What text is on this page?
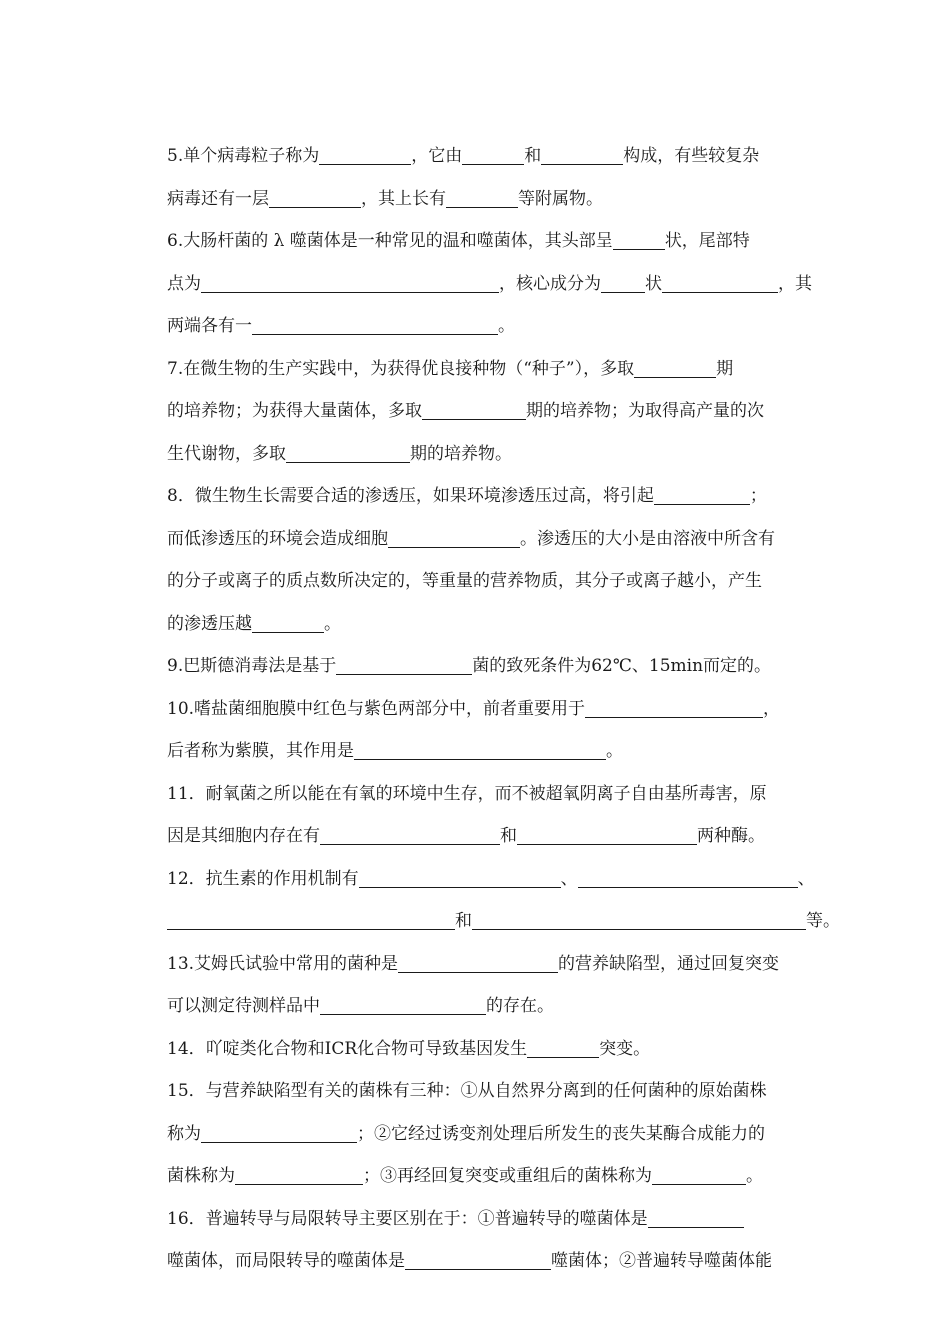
5.单个病毒粒子称为	，它由	和	构成，有些较复杂
病毒还有一层	，其上长有	等附属物。
6.大肠杆菌的 λ 噬菌体是一种常见的温和噬菌体，其头部呈	状，尾部特
点为	，核心成分为	状	，其
两端各有一	。
7.在微生物的生产实践中，为获得优良接种物（“种子”），多取	期
的培养物；为获得大量菌体，多取	期的培养物；为取得高产量的次
生代谢物，多取	期的培养物。
8．微生物生长需要合适的渗透压，如果环境渗透压过高，将引起	；
而低渗透压的环境会造成细胞	。渗透压的大小是由溶液中所含有
的分子或离子的质点数所决定的，等重量的营养物质，其分子或离子越小，产生
的渗透压越	。
9.巴斯德消毒法是基于	菌的致死条件为62℃、15min而定的。
10.嗜盐菌细胞膜中红色与紫色两部分中，前者重要用于	，
后者称为紫膜，其作用是	。
11．耐氧菌之所以能在有氧的环境中生存，而不被超氧阴离子自由基所毒害，原
因是其细胞内存在有	和	两种酶。
12．抗生素的作用机制有	、	、
和	等。
13.艾姆氏试验中常用的菌种是	的营养缺陷型，通过回复突变
可以测定待测样品中	的存在。
14．吖啶类化合物和ICR化合物可导致基因发生	突变。
15．与营养缺陷型有关的菌株有三种：①从自然界分离到的任何菌种的原始菌株
称为	；②它经过诱变剂处理后所发生的丧失某酶合成能力的
菌株称为	；③再经回复突变或重组后的菌株称为	。
16．普遍转导与局限转导主要区别在于：①普遍转导的噬菌体是
噬菌体，而局限转导的噬菌体是	噬菌体；②普遍转导噬菌体能
